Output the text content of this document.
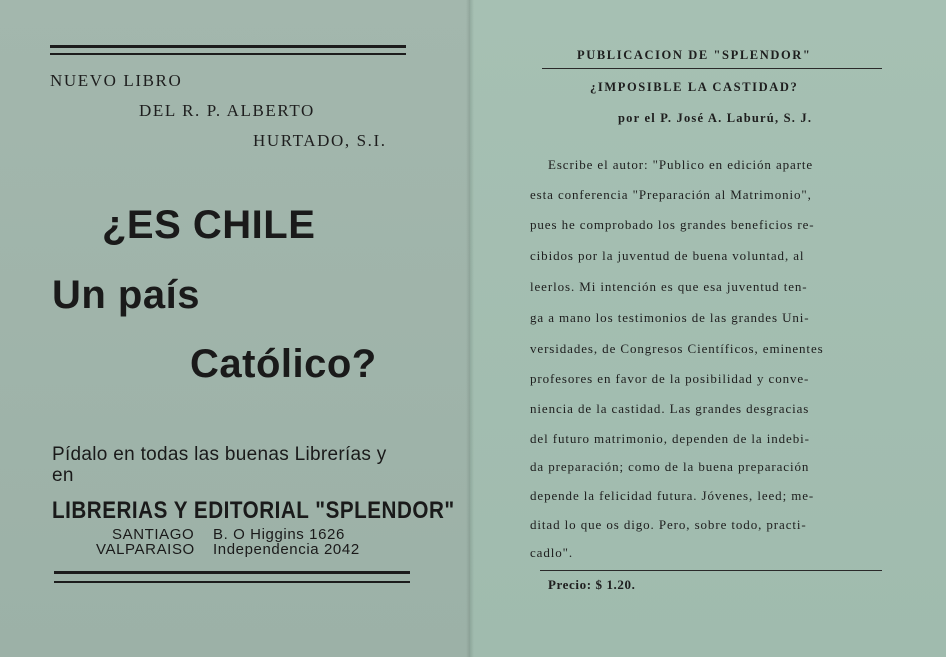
NUEVO LIBRO
DEL R. P. ALBERTO
HURTADO, S.I.
¿ES CHILE
Un país
Católico?
Pídalo en todas las buenas Librerías y
en
LIBRERIAS Y EDITORIAL "SPLENDOR"
SANTIAGO B. O Higgins 1626
VALPARAISO Independencia 2042
PUBLICACION DE "SPLENDOR"
¿IMPOSIBLE LA CASTIDAD?
por el P. José A. Laburú, S. J.
Escribe el autor: "Publico en edición aparte
esta conferencia "Preparación al Matrimonio",
pues he comprobado los grandes beneficios re-
cibidos por la juventud de buena voluntad, al
leerlos. Mi intención es que esa juventud ten-
ga a mano los testimonios de las grandes Uni-
versidades, de Congresos Científicos, eminentes
profesores en favor de la posibilidad y conve-
niencia de la castidad. Las grandes desgracias
del futuro matrimonio, dependen de la indebi-
da preparación; como de la buena preparación
depende la felicidad futura. Jóvenes, leed; me-
ditad lo que os digo. Pero, sobre todo, practi-
cadlo".
Precio: $ 1.20.
